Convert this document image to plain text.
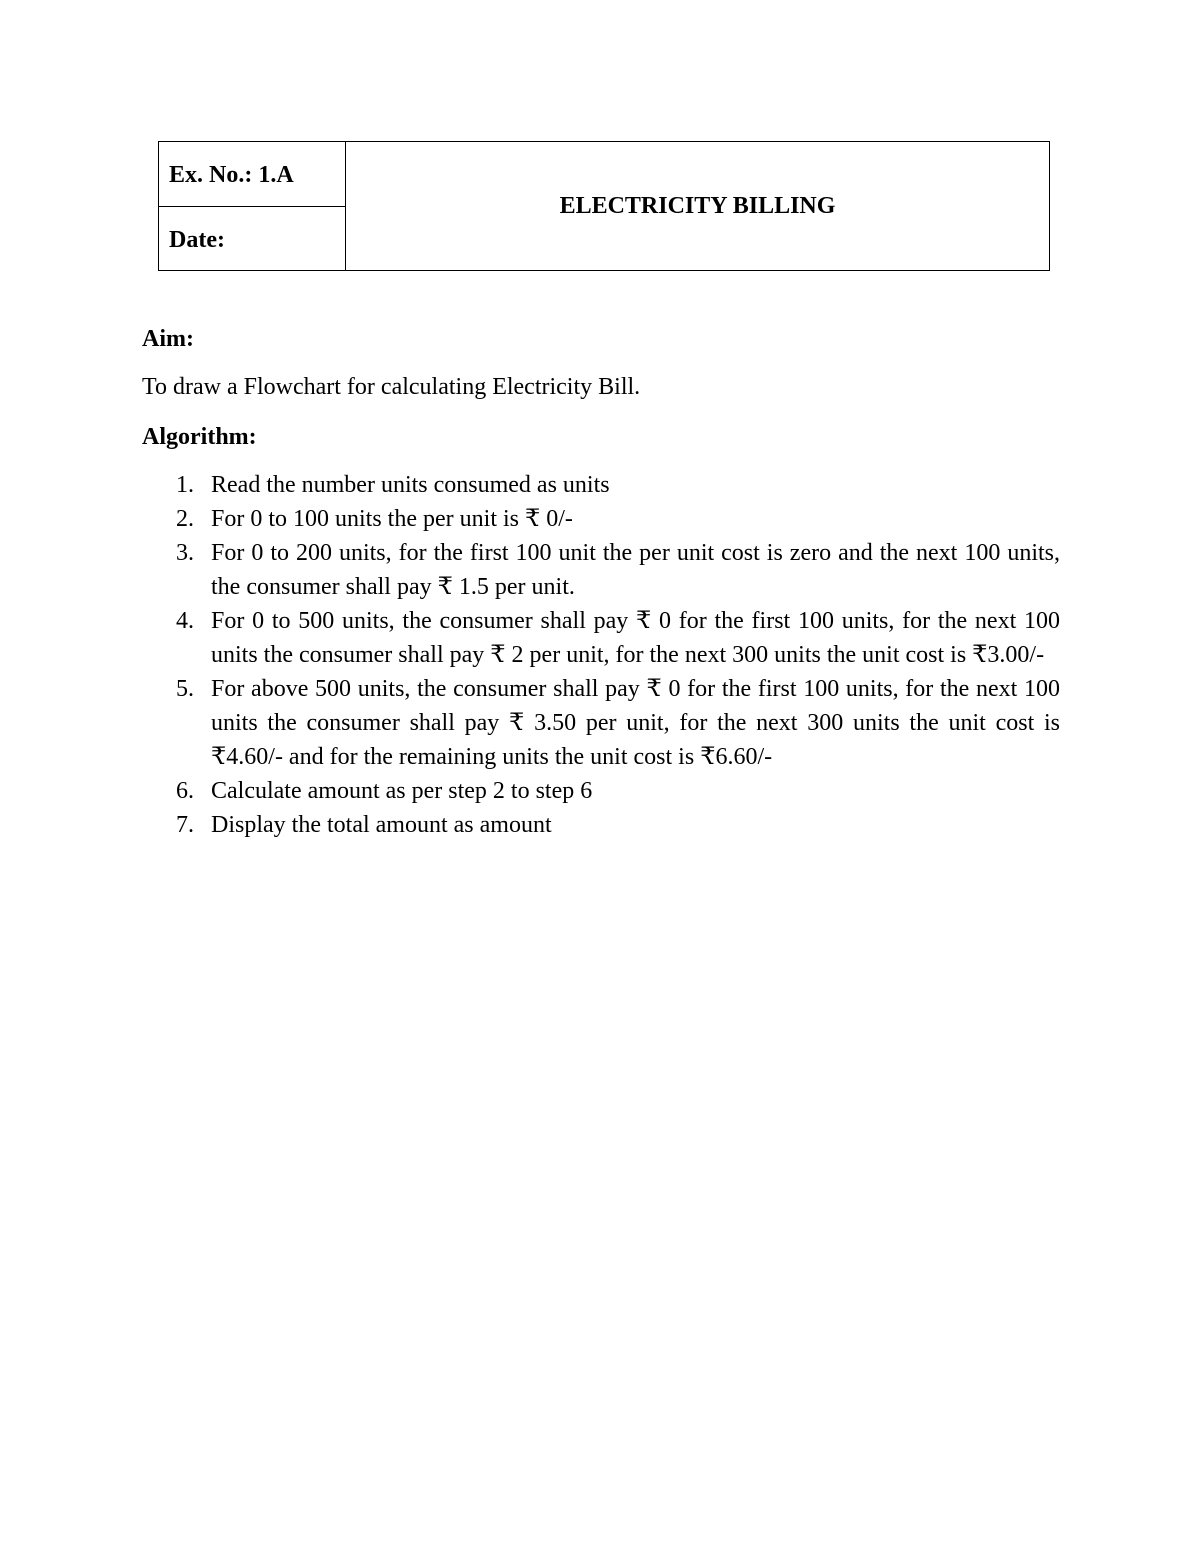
Ex. No.: 1.A
Date:
ELECTRICITY BILLING

Aim:

To draw a Flowchart for calculating Electricity Bill.

Algorithm:

1. Read the number units consumed as units
2. For 0 to 100 units the per unit is ₹ 0/-
3. For 0 to 200 units, for the first 100 unit the per unit cost is zero and the next 100 units, the consumer shall pay ₹ 1.5 per unit.
4. For 0 to 500 units, the consumer shall pay ₹ 0 for the first 100 units, for the next 100 units the consumer shall pay ₹ 2 per unit, for the next 300 units the unit cost is ₹3.00/-
5. For above 500 units, the consumer shall pay ₹ 0 for the first 100 units, for the next 100 units the consumer shall pay ₹ 3.50 per unit, for the next 300 units the unit cost is ₹4.60/- and for the remaining units the unit cost is ₹6.60/-
6. Calculate amount as per step 2 to step 6
7. Display the total amount as amount
